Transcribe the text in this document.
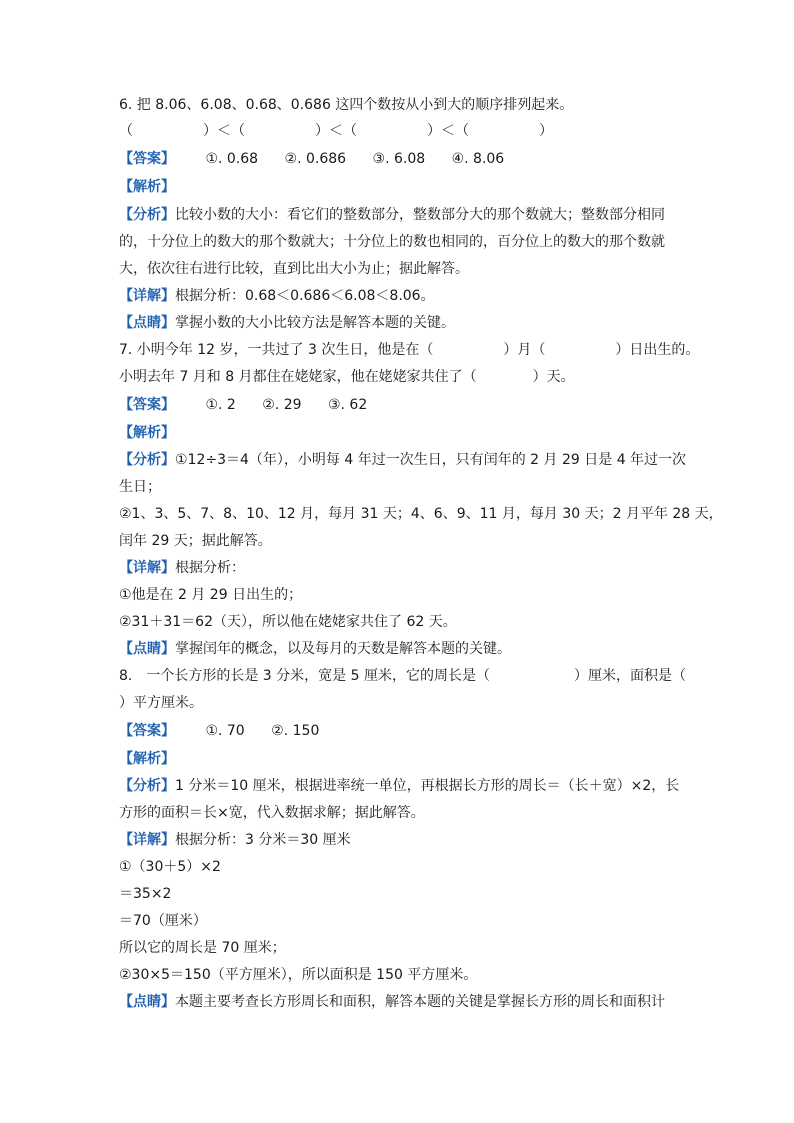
6. 把 8.06、6.08、0.68、0.686 这四个数按从小到大的顺序排列起来。
（　　　　　）＜（　　　　　）＜（　　　　　）＜（　　　　　）
【答案】 ①. 0.68 ②. 0.686 ③. 6.08 ④. 8.06
【解析】
【分析】比较小数的大小：看它们的整数部分，整数部分大的那个数就大；整数部分相同
的，十分位上的数大的那个数就大；十分位上的数也相同的，百分位上的数大的那个数就
大，依次往右进行比较，直到比出大小为止；据此解答。
【详解】根据分析：0.68＜0.686＜6.08＜8.06。
【点睛】掌握小数的大小比较方法是解答本题的关键。
7. 小明今年 12 岁，一共过了 3 次生日，他是在（　　　　　）月（　　　　　）日出生的。
小明去年 7 月和 8 月都住在姥姥家，他在姥姥家共住了（　　　　）天。
【答案】 ①. 2 ②. 29 ③. 62
【解析】
【分析】①12÷3＝4（年），小明每 4 年过一次生日，只有闰年的 2 月 29 日是 4 年过一次
生日；
②1、3、5、7、8、10、12 月，每月 31 天；4、6、9、11 月，每月 30 天；2 月平年 28 天，
闰年 29 天；据此解答。
【详解】根据分析：
①他是在 2 月 29 日出生的；
②31＋31＝62（天），所以他在姥姥家共住了 62 天。
【点睛】掌握闰年的概念，以及每月的天数是解答本题的关键。
8.　一个长方形的长是 3 分米，宽是 5 厘米，它的周长是（　　　　　　）厘米，面积是（
）平方厘米。
【答案】 ①. 70 ②. 150
【解析】
【分析】1 分米＝10 厘米，根据进率统一单位，再根据长方形的周长＝（长＋宽）×2，长
方形的面积＝长×宽，代入数据求解；据此解答。
【详解】根据分析：3 分米＝30 厘米
①（30＋5）×2
＝35×2
＝70（厘米）
所以它的周长是 70 厘米；
②30×5＝150（平方厘米），所以面积是 150 平方厘米。
【点睛】本题主要考查长方形周长和面积，解答本题的关键是掌握长方形的周长和面积计
